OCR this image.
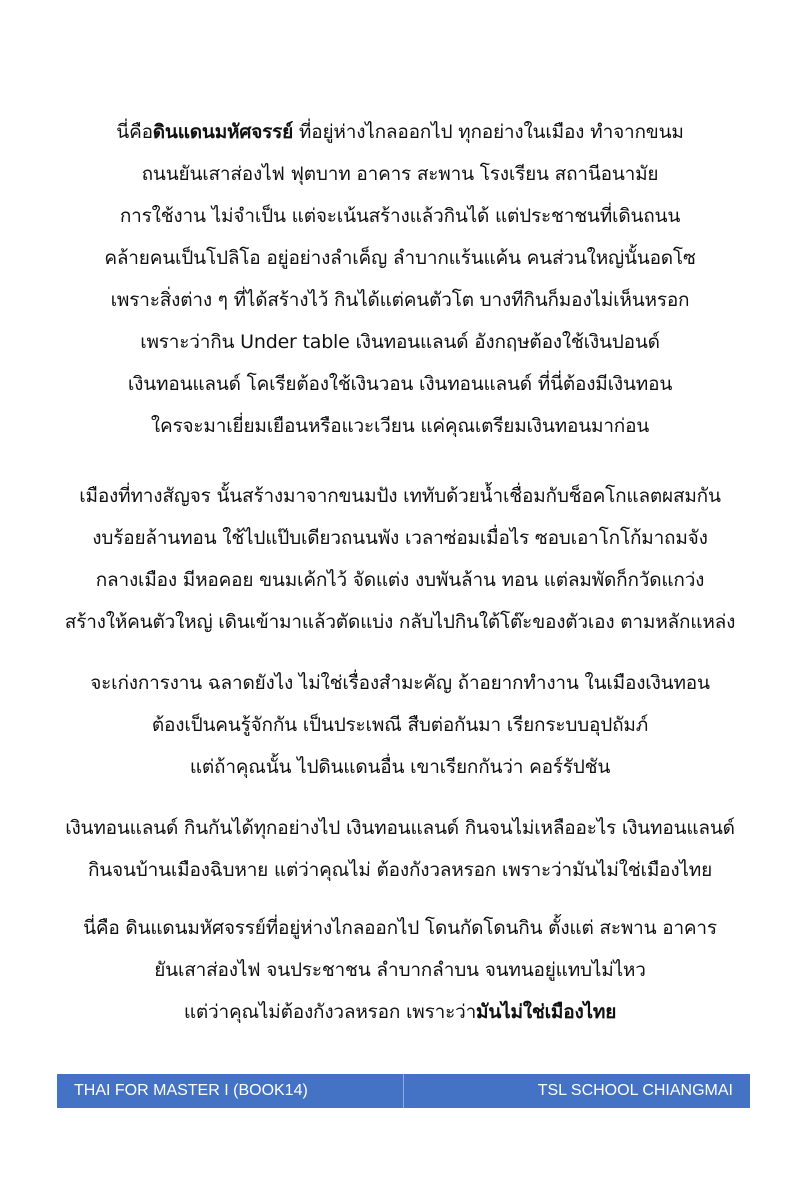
นี่คือดินแดนมหัศจรรย์ ที่อยู่ห่างไกลออกไป ทุกอย่างในเมือง ทำจากขนม
ถนนยันเสาส่องไฟ ฟุตบาท อาคาร สะพาน โรงเรียน สถานีอนามัย
การใช้งาน ไม่จำเป็น แต่จะเน้นสร้างแล้วกินได้ แต่ประชาชนที่เดินถนน
คล้ายคนเป็นโปลิโอ อยู่อย่างลำเค็ญ ลำบากแร้นแค้น คนส่วนใหญ่นั้นอดโซ
เพราะสิ่งต่าง ๆ ที่ได้สร้างไว้ กินได้แต่คนตัวโต บางทีกินก็มองไม่เห็นหรอก
เพราะว่ากิน Under table เงินทอนแลนด์ อังกฤษต้องใช้เงินปอนด์
เงินทอนแลนด์ โคเรียต้องใช้เงินวอน เงินทอนแลนด์ ที่นี่ต้องมีเงินทอน
ใครจะมาเยี่ยมเยือนหรือแวะเวียน แค่คุณเตรียมเงินทอนมาก่อน
เมืองที่ทางสัญจร นั้นสร้างมาจากขนมปัง เททับด้วยน้ำเชื่อมกับช็อคโกแลตผสมกัน
งบร้อยล้านทอน ใช้ไปแป๊บเดียวถนนพัง เวลาซ่อมเมื่อไร ซอบเอาโกโก้มาถมจัง
กลางเมือง มีหอคอย ขนมเค้กไว้ จัดแต่ง งบพันล้าน ทอน แต่ลมพัดก็กวัดแกว่ง
สร้างให้คนตัวใหญ่ เดินเข้ามาแล้วตัดแบ่ง กลับไปกินใต้โต๊ะของตัวเอง ตามหลักแหล่ง
จะเก่งการงาน ฉลาดยังไง ไม่ใช่เรื่องสำมะคัญ ถ้าอยากทำงาน ในเมืองเงินทอน
ต้องเป็นคนรู้จักกัน เป็นประเพณี สืบต่อกันมา เรียกระบบอุปถัมภ์
แต่ถ้าคุณนั้น ไปดินแดนอื่น เขาเรียกกันว่า คอร์รัปชัน
เงินทอนแลนด์ กินกันได้ทุกอย่างไป เงินทอนแลนด์ กินจนไม่เหลืออะไร เงินทอนแลนด์
กินจนบ้านเมืองฉิบหาย แต่ว่าคุณไม่ ต้องกังวลหรอก เพราะว่ามันไม่ใช่เมืองไทย
นี่คือ ดินแดนมหัศจรรย์ที่อยู่ห่างไกลออกไป โดนกัดโดนกิน ตั้งแต่ สะพาน อาคาร
ยันเสาส่องไฟ จนประชาชน ลำบากลำบน จนทนอยู่แทบไม่ไหว
แต่ว่าคุณไม่ต้องกังวลหรอก เพราะว่ามันไม่ใช่เมืองไทย
THAI FOR MASTER I (BOOK14)	TSL SCHOOL CHIANGMAI
